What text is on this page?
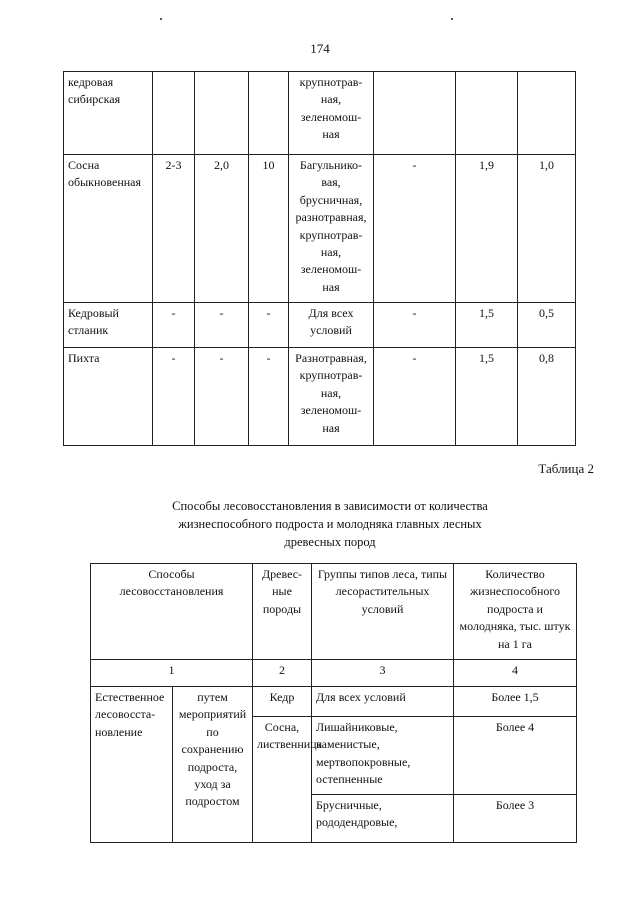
174
кедровая сибирская				крупнотрав-ная, зеленомош-ная			
Сосна обыкновенная	2-3	2,0	10	Багульнико-вая, брусничная, разнотравная, крупнотрав-ная, зеленомош-ная	-	1,9	1,0
Кедровый стланик	-	-	-	Для всех условий	-	1,5	0,5
Пихта	-	-	-	Разнотравная, крупнотрав-ная, зеленомош-ная	-	1,5	0,8
Таблица 2
Способы лесовосстановления в зависимости от количества
жизнеспособного подроста и молодняка главных лесных
древесных пород
Способы лесовосстановления		Древес-ные породы	Группы типов леса, типы лесорастительных условий	Количество жизнеспособного подроста и молодняка, тыс. штук на 1 га
1		2	3	4
Естественное лесовосста-новление	путем мероприятий по сохранению подроста, уход за подростом	Кедр	Для всех условий	Более 1,5
		Сосна, лиственница	Лишайниковые, каменистые, мертвопокровные, остепненные	Более 4
			Брусничные, рододендровые,	Более 3
